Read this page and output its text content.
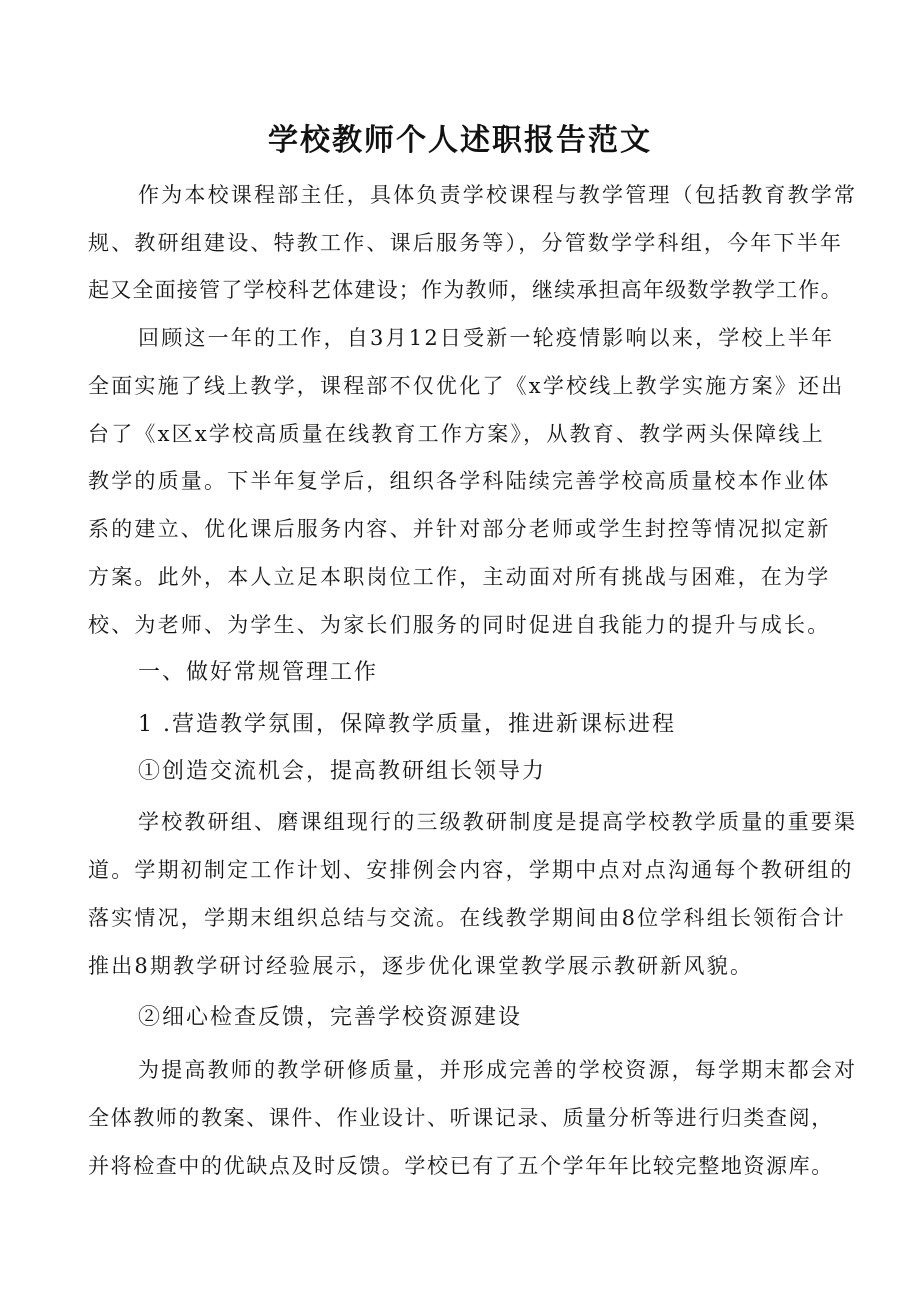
学校教师个人述职报告范文
作为本校课程部主任，具体负责学校课程与教学管理（包括教育教学常
规、教研组建设、特教工作、课后服务等），分管数学学科组，今年下半年
起又全面接管了学校科艺体建设；作为教师，继续承担高年级数学教学工作。
回顾这一年的工作，自3月12日受新一轮疫情影响以来，学校上半年
全面实施了线上教学，课程部不仅优化了《x学校线上教学实施方案》还出
台了《x区x学校高质量在线教育工作方案》，从教育、教学两头保障线上
教学的质量。下半年复学后，组织各学科陆续完善学校高质量校本作业体
系的建立、优化课后服务内容、并针对部分老师或学生封控等情况拟定新
方案。此外，本人立足本职岗位工作，主动面对所有挑战与困难，在为学
校、为老师、为学生、为家长们服务的同时促进自我能力的提升与成长。
一、做好常规管理工作
1 .营造教学氛围，保障教学质量，推进新课标进程
①创造交流机会，提高教研组长领导力
学校教研组、磨课组现行的三级教研制度是提高学校教学质量的重要渠
道。学期初制定工作计划、安排例会内容，学期中点对点沟通每个教研组的
落实情况，学期末组织总结与交流。在线教学期间由8位学科组长领衔合计
推出8期教学研讨经验展示，逐步优化课堂教学展示教研新风貌。
②细心检查反馈，完善学校资源建设
为提高教师的教学研修质量，并形成完善的学校资源，每学期末都会对
全体教师的教案、课件、作业设计、听课记录、质量分析等进行归类查阅，
并将检查中的优缺点及时反馈。学校已有了五个学年年比较完整地资源库。
